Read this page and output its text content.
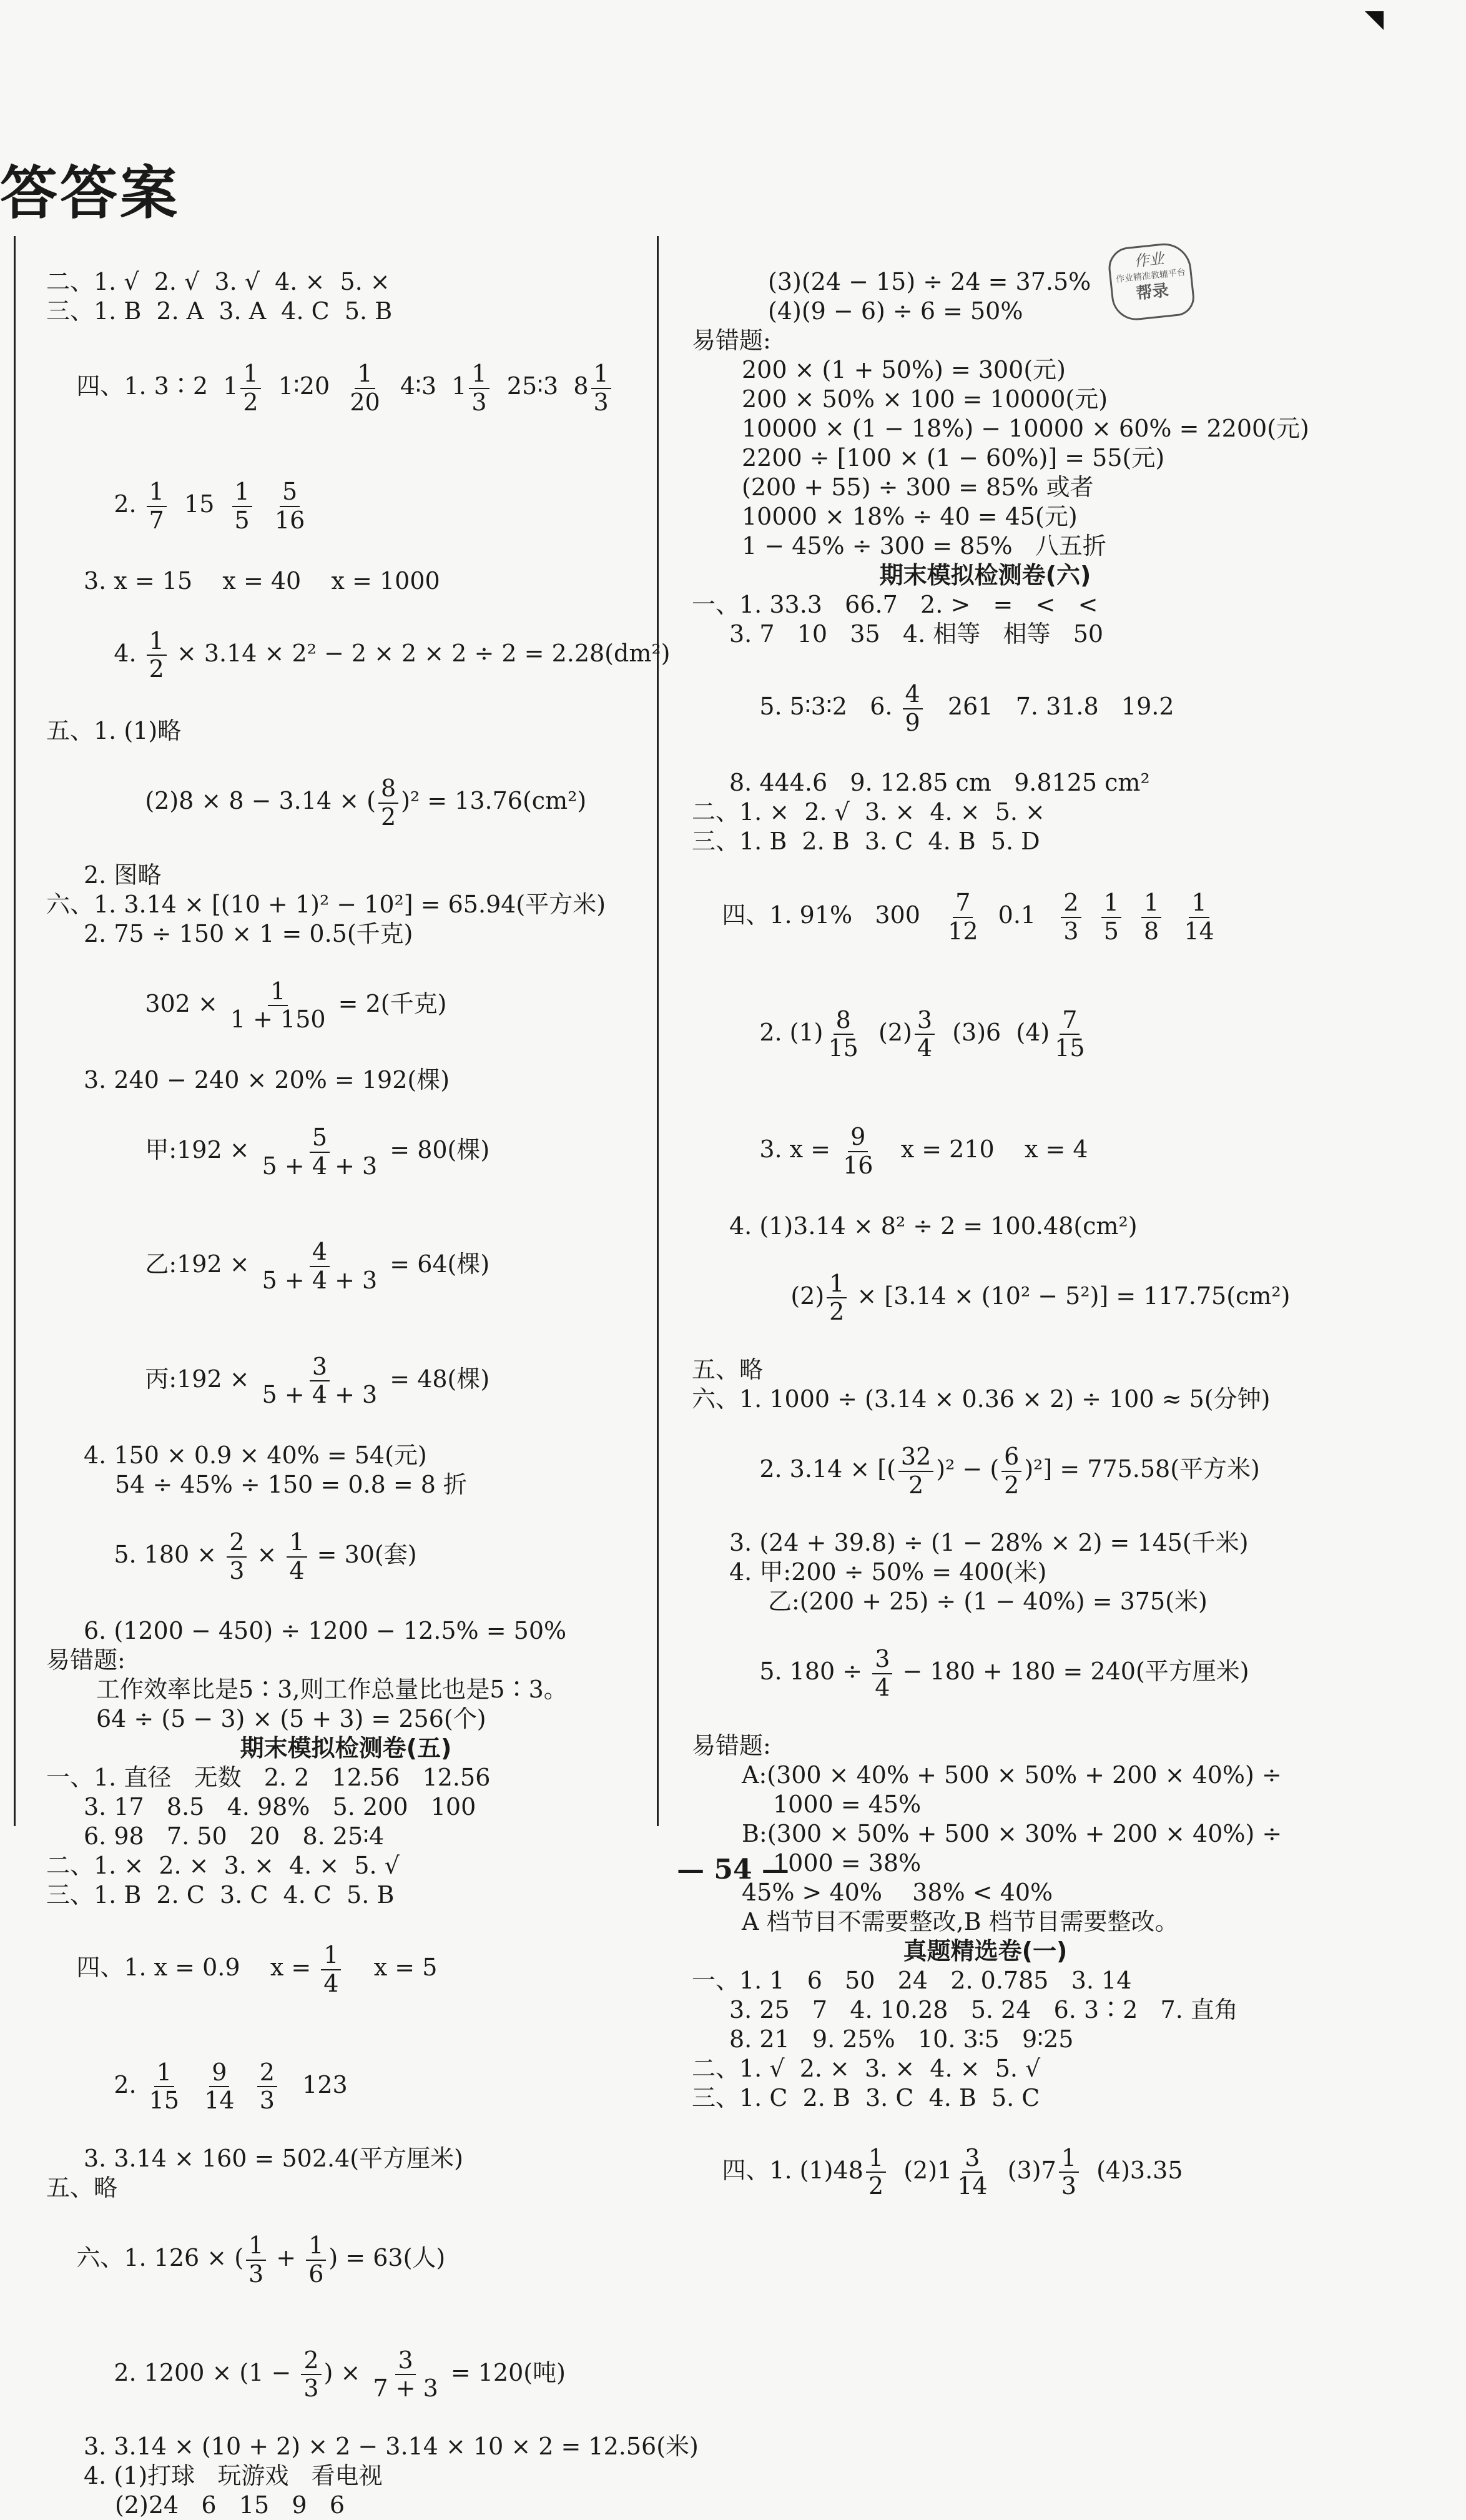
答答案
作业
作业精准教辅平台
帮录
二、1. √  2. √  3. √  4. ×  5. ×
三、1. B  2. A  3. A  4. C  5. B

四、1. 3∶2  $1 \frac{1}{2}$ 1∶20 $\frac{1}{20}$ 4∶3  $1 \frac{1}{3}$ 25∶3  $8 \frac{1}{3}$

2. $\frac{1}{7} 15 \frac{1}{5}$
$\frac{5}{16}$

3. x = 15    x = 40    x = 1000

4. $\frac{1}{2} \times 3.14 \times 2^2 - 2 \times 2 \times 2 \div 2 = 2.28(dm^2)$

五、1. (1)略

(2)8 × 8 − 3.14 × ( $\frac{8}{2} )^2 = 13.76(cm^2)$

2. 图略
六、1. 3.14 × [(10 + 1)² − 10²] = 65.94(平方米)
2. 75 ÷ 150 × 1 = 0.5(千克)

$302 \times \frac{1}{1 + 150} = 2$(千克)

3. 240 − 240 × 20% = 192(棵)

甲:192 × $\frac{5}{5 + 4 + 3} = 80$(棵)

乙:192 × $\frac{4}{5 + 4 + 3} = 64$(棵)

丙:192 × $\frac{3}{5 + 4 + 3} = 48$(棵)

4. 150 × 0.9 × 40% = 54(元)
54 ÷ 45% ÷ 150 = 0.8 = 8 折

5. $180 \times \frac{2}{3} \times \frac{1}{4} = 30$(套)

6. (1200 − 450) ÷ 1200 − 12.5% = 50%
易错题:
工作效率比是5∶3,则工作总量比也是5∶3。
64 ÷ (5 − 3) × (5 + 3) = 256(个)
期末模拟检测卷(五)
一、1. 直径   无数   2. 2   12.56   12.56
3. 17   8.5   4. 98%   5. 200   100
6. 98   7. 50   20   8. 25∶4
二、1. ×  2. ×  3. ×  4. ×  5. √
三、1. B  2. C  3. C  4. C  5. B

四、1. x = 0.9    $x = \frac{1}{4}$ x = 5

2. $\frac{1}{15}$
$\frac{9}{14}$
$\frac{2}{3} 123$

3. 3.14 × 160 = 502.4(平方厘米)
五、略

六、1. 126 × ( $\frac{1}{3} + \frac{1}{6}$ ) = 63(人)

2. $1200 \times (1 - \frac{2}{3}$ ) × $\frac{3}{7 + 3} = 120$(吨)

3. 3.14 × (10 + 2) × 2 − 3.14 × 10 × 2 = 12.56(米)
4. (1)打球   玩游戏   看电视
(2)24   6   15   9   6
(3)(24 − 15) ÷ 24 = 37.5%
(4)(9 − 6) ÷ 6 = 50%
易错题:
200 × (1 + 50%) = 300(元)
200 × 50% × 100 = 10000(元)
10000 × (1 − 18%) − 10000 × 60% = 2200(元)
2200 ÷ [100 × (1 − 60%)] = 55(元)
(200 + 55) ÷ 300 = 85% 或者
10000 × 18% ÷ 40 = 45(元)
1 − 45% ÷ 300 = 85%   八五折
期末模拟检测卷(六)
一、1. 33.3   66.7   2. >   =   <   <
3. 7   10   35   4. 相等   相等   50

5. 5∶3∶2   6. $\frac{4}{9} 261$   7. 31.8   19.2

8. 444.6   9. 12.85 cm   9.8125 cm²
二、1. ×  2. √  3. ×  4. ×  5. ×
三、1. B  2. B  3. C  4. B  5. D

四、1. 91%   $300 \frac{7}{12} 0.1 \frac{2}{3}$
$\frac{1}{5}$
$\frac{1}{8}$
$\frac{1}{14}$

2. $(1) \frac{8}{15} (2) \frac{3}{4} (3)6$  $(4) \frac{7}{15}$

3. $x = \frac{9}{16}$ x = 210    x = 4

4. (1)3.14 × 8² ÷ 2 = 100.48(cm²)

$(2) \frac{1}{2} \times [3.14 \times (10^2 - 5^2)] = 117.75(cm^2)$

五、略
六、1. 1000 ÷ (3.14 × 0.36 × 2) ÷ 100 ≈ 5(分钟)

2. 3.14 × [( $\frac{32}{2} )^2$ − ( $\frac{6}{2} )^2] = 775.58$(平方米)

3. (24 + 39.8) ÷ (1 − 28% × 2) = 145(千米)
4. 甲:200 ÷ 50% = 400(米)
乙:(200 + 25) ÷ (1 − 40%) = 375(米)

5. $180 \div \frac{3}{4} - 180 + 180 = 240$(平方厘米)

易错题:
A:(300 × 40% + 500 × 50% + 200 × 40%) ÷
1000 = 45%
B:(300 × 50% + 500 × 30% + 200 × 40%) ÷
1000 = 38%
45% > 40%    38% < 40%
A 档节目不需要整改,B 档节目需要整改。
真题精选卷(一)
一、1. 1   6   50   24   2. 0.785   3. 14
3. 25   7   4. 10.28   5. 24   6. 3∶2   7. 直角
8. 21   9. 25%   10. 3∶5   9∶25
二、1. √  2. ×  3. ×  4. ×  5. √
三、1. C  2. B  3. C  4. B  5. C

四、1. $(1)48 \frac{1}{2} (2)1 \frac{3}{14} (3)7 \frac{1}{3} (4)3.35$

— 54 —
